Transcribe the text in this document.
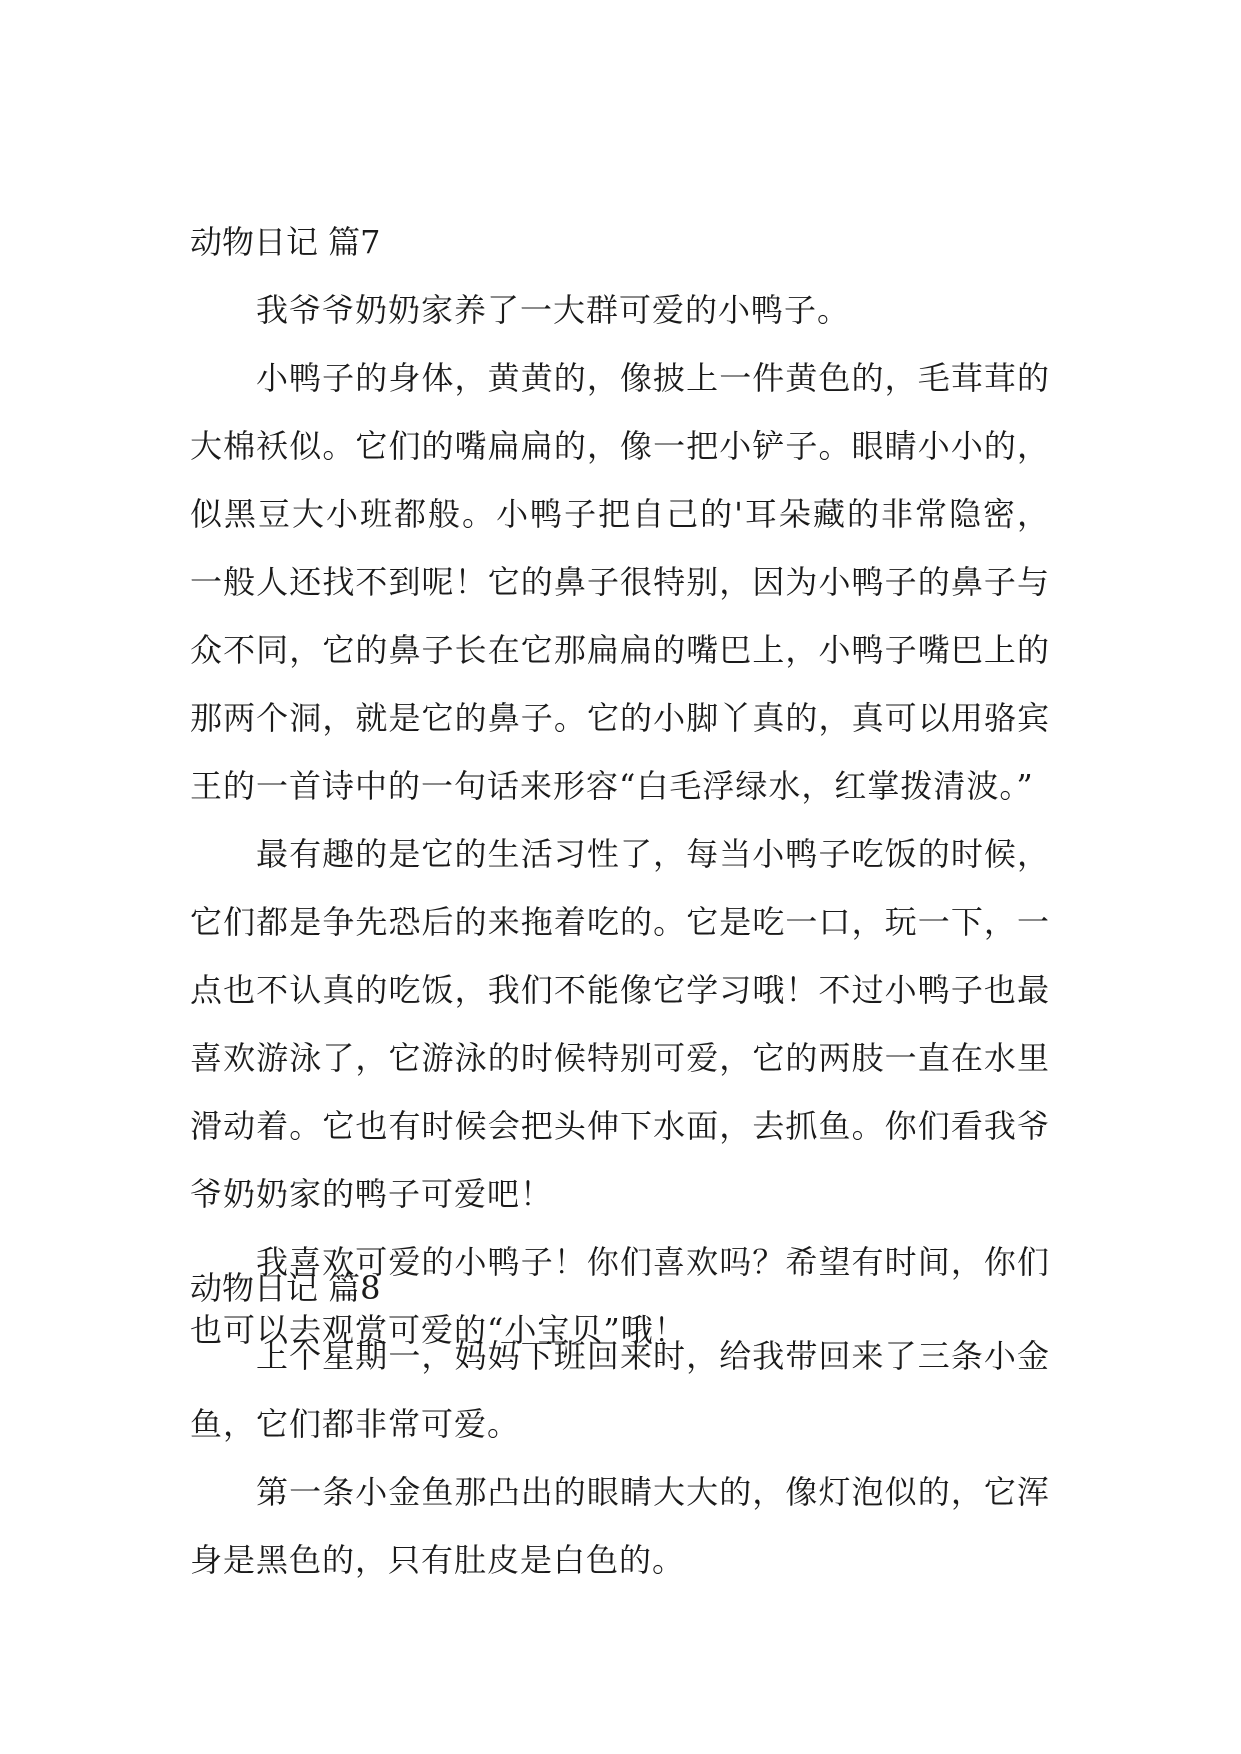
动物日记 篇7

我爷爷奶奶家养了一大群可爱的小鸭子。

小鸭子的身体，黄黄的，像披上一件黄色的，毛茸茸的大棉袄似。它们的嘴扁扁的，像一把小铲子。眼睛小小的，似黑豆大小班都般。小鸭子把自己的'耳朵藏的非常隐密，一般人还找不到呢！它的鼻子很特别，因为小鸭子的鼻子与众不同，它的鼻子长在它那扁扁的嘴巴上，小鸭子嘴巴上的那两个洞，就是它的鼻子。它的小脚丫真的，真可以用骆宾王的一首诗中的一句话来形容“白毛浮绿水，红掌拨清波。”

最有趣的是它的生活习性了，每当小鸭子吃饭的时候，它们都是争先恐后的来拖着吃的。它是吃一口，玩一下，一点也不认真的吃饭，我们不能像它学习哦！不过小鸭子也最喜欢游泳了，它游泳的时候特别可爱，它的两肢一直在水里滑动着。它也有时候会把头伸下水面，去抓鱼。你们看我爷爷奶奶家的鸭子可爱吧！

我喜欢可爱的小鸭子！你们喜欢吗？希望有时间，你们也可以去观赏可爱的“小宝贝”哦！

动物日记 篇8

上个星期一，妈妈下班回来时，给我带回来了三条小金鱼，它们都非常可爱。

第一条小金鱼那凸出的眼睛大大的，像灯泡似的，它浑身是黑色的，只有肚皮是白色的。
